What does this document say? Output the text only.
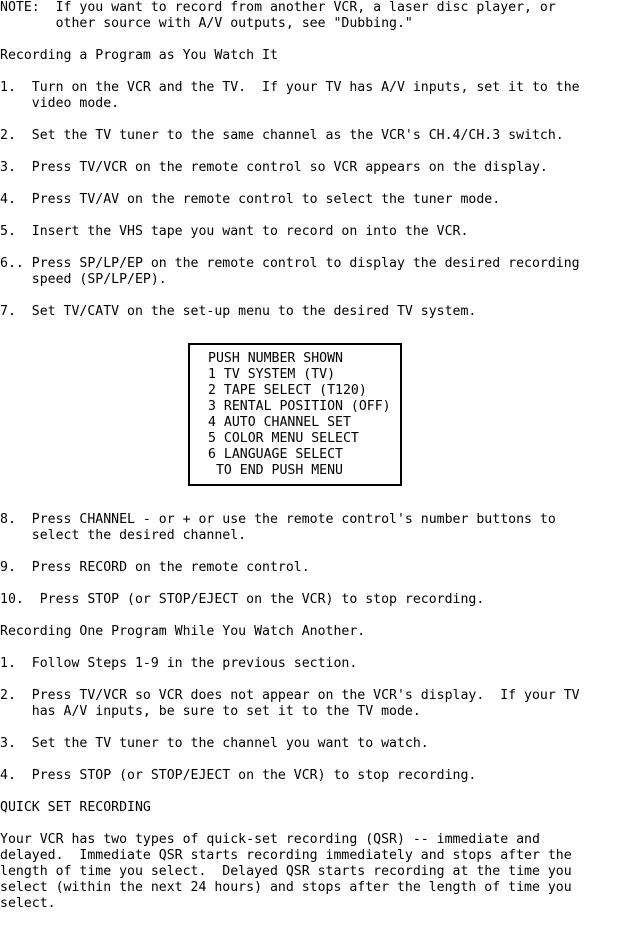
NOTE:  If you want to record from another VCR, a laser disc player, or
other source with A/V outputs, see "Dubbing."
Recording a Program as You Watch It
1.  Turn on the VCR and the TV.  If your TV has A/V inputs, set it to the
video mode.
2.  Set the TV tuner to the same channel as the VCR's CH.4/CH.3 switch.
3.  Press TV/VCR on the remote control so VCR appears on the display.
4.  Press TV/AV on the remote control to select the tuner mode.
5.  Insert the VHS tape you want to record on into the VCR.
6.. Press SP/LP/EP on the remote control to display the desired recording
speed (SP/LP/EP).
7.  Set TV/CATV on the set-up menu to the desired TV system.
PUSH NUMBER SHOWN
1 TV SYSTEM (TV)
2 TAPE SELECT (T120)
3 RENTAL POSITION (OFF)
4 AUTO CHANNEL SET
5 COLOR MENU SELECT
6 LANGUAGE SELECT
TO END PUSH MENU
8.  Press CHANNEL - or + or use the remote control's number buttons to
select the desired channel.
9.  Press RECORD on the remote control.
10.  Press STOP (or STOP/EJECT on the VCR) to stop recording.
Recording One Program While You Watch Another.
1.  Follow Steps 1-9 in the previous section.
2.  Press TV/VCR so VCR does not appear on the VCR's display.  If your TV
has A/V inputs, be sure to set it to the TV mode.
3.  Set the TV tuner to the channel you want to watch.
4.  Press STOP (or STOP/EJECT on the VCR) to stop recording.
QUICK SET RECORDING
Your VCR has two types of quick-set recording (QSR) -- immediate and
delayed.  Immediate QSR starts recording immediately and stops after the
length of time you select.  Delayed QSR starts recording at the time you
select (within the next 24 hours) and stops after the length of time you
select.
